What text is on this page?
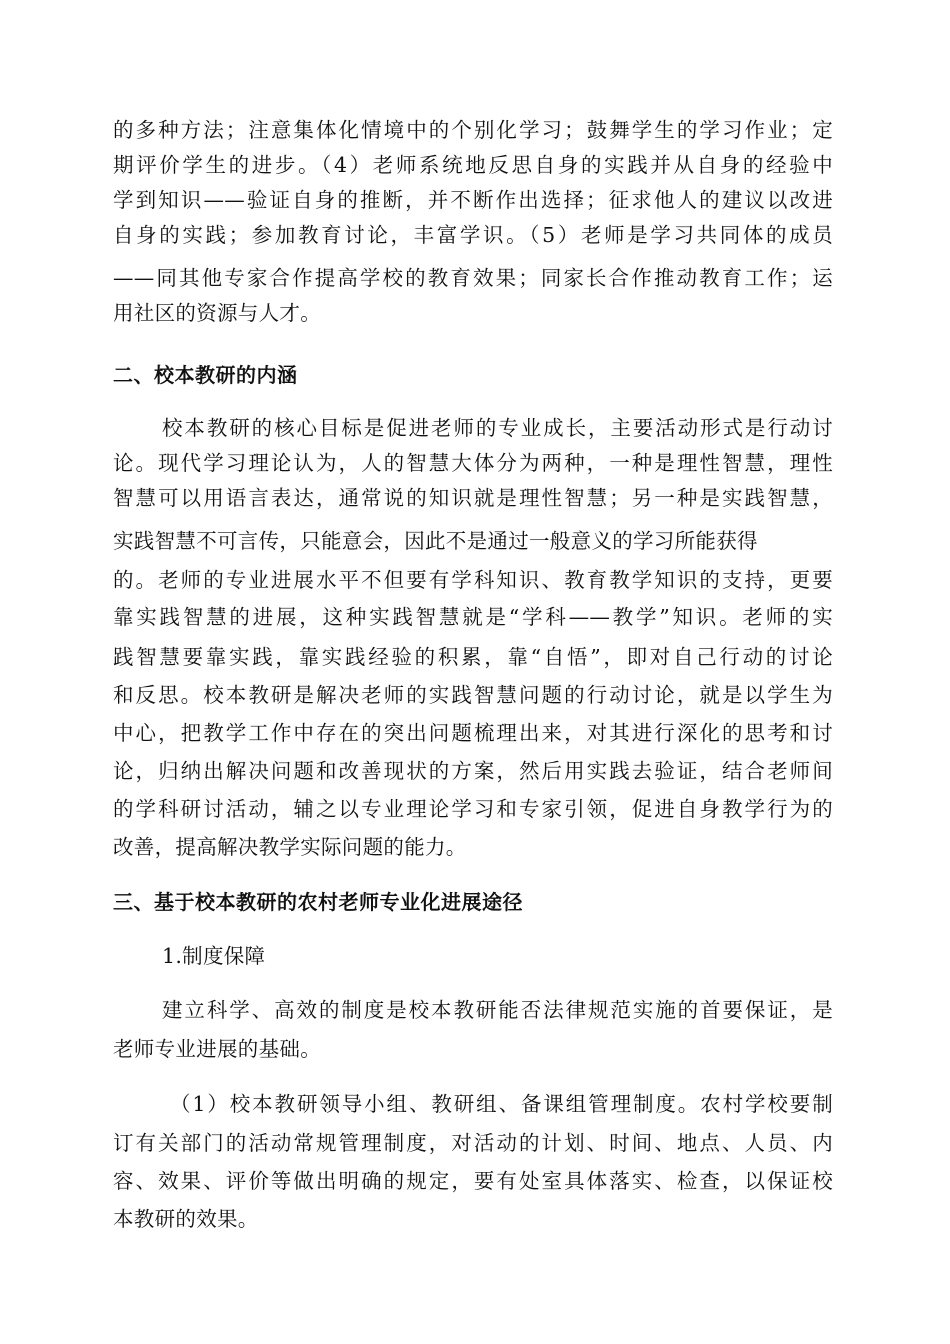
的多种方法；注意集体化情境中的个别化学习；鼓舞学生的学习作业；定
期评价学生的进步。（4）老师系统地反思自身的实践并从自身的经验中
学到知识——验证自身的推断，并不断作出选择；征求他人的建议以改进
自身的实践；参加教育讨论，丰富学识。（5）老师是学习共同体的成员
——同其他专家合作提高学校的教育效果；同家长合作推动教育工作；运
用社区的资源与人才。
二、校本教研的内涵
校本教研的核心目标是促进老师的专业成长，主要活动形式是行动讨
论。现代学习理论认为，人的智慧大体分为两种，一种是理性智慧，理性
智慧可以用语言表达，通常说的知识就是理性智慧；另一种是实践智慧，
实践智慧不可言传，只能意会，因此不是通过一般意义的学习所能获得
的。老师的专业进展水平不但要有学科知识、教育教学知识的支持，更要
靠实践智慧的进展，这种实践智慧就是“学科——教学”知识。老师的实
践智慧要靠实践，靠实践经验的积累，靠“自悟”，即对自己行动的讨论
和反思。校本教研是解决老师的实践智慧问题的行动讨论，就是以学生为
中心，把教学工作中存在的突出问题梳理出来，对其进行深化的思考和讨
论，归纳出解决问题和改善现状的方案，然后用实践去验证，结合老师间
的学科研讨活动，辅之以专业理论学习和专家引领，促进自身教学行为的
改善，提高解决教学实际问题的能力。
三、基于校本教研的农村老师专业化进展途径
1.制度保障
建立科学、高效的制度是校本教研能否法律规范实施的首要保证，是
老师专业进展的基础。
（1）校本教研领导小组、教研组、备课组管理制度。农村学校要制
订有关部门的活动常规管理制度，对活动的计划、时间、地点、人员、内
容、效果、评价等做出明确的规定，要有处室具体落实、检查，以保证校
本教研的效果。
